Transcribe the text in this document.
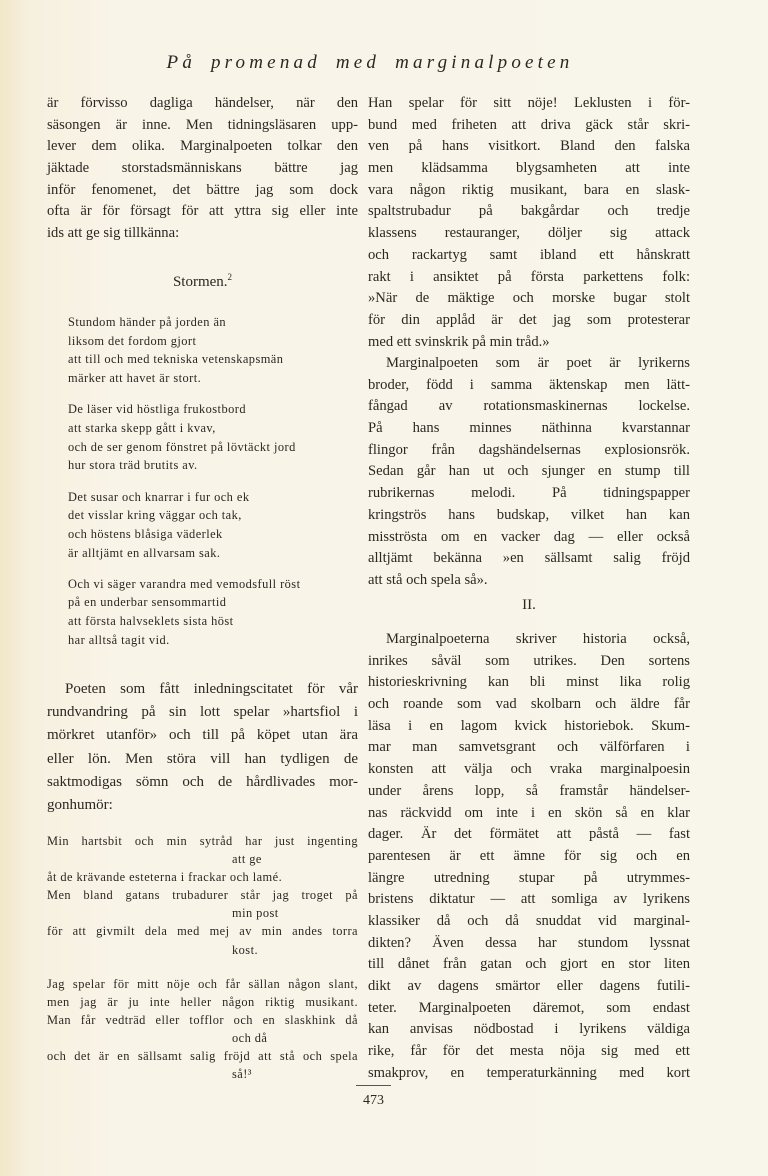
På promenad med marginalpoeten
är förvisso dagliga händelser, när den
säsongen är inne. Men tidningsläsaren upp-
lever dem olika. Marginalpoeten tolkar den
jäktade storstadsmänniskans bättre jag
inför fenomenet, det bättre jag som dock
ofta är för försagt för att yttra sig eller inte
ids att ge sig tillkänna:
Stormen.$^2$
Stundom händer på jorden än
liksom det fordom gjort
att till och med tekniska vetenskapsmän
märker att havet är stort.
De läser vid höstliga frukostbord
att starka skepp gått i kvav,
och de ser genom fönstret på lövtäckt jord
hur stora träd brutits av.
Det susar och knarrar i fur och ek
det visslar kring väggar och tak,
och höstens blåsiga väderlek
är alltjämt en allvarsam sak.
Och vi säger varandra med vemodsfull röst
på en underbar sensommartid
att första halvseklets sista höst
har alltså tagit vid.
Poeten som fått inledningscitatet för vår
rundvandring på sin lott spelar »hartsfiol i
mörkret utanför» och till på köpet utan ära
eller lön. Men störa vill han tydligen de
saktmodigas sömn och de hårdlivades mor-
gonhumör:
Min hartsbit och min sytråd har just ingenting
att ge
åt de krävande esteterna i frackar och lamé.
Men bland gatans trubadurer står jag troget på
min post
för att givmilt dela med mej av min andes torra
kost.
Jag spelar för mitt nöje och får sällan någon slant,
men jag är ju inte heller någon riktig musikant.
Man får vedträd eller tofflor och en slaskhink då
och då
och det är en sällsamt salig fröjd att stå och spela
så!³
Han spelar för sitt nöje! Leklusten i för-
bund med friheten att driva gäck står skri-
ven på hans visitkort. Bland den falska
men klädsamma blygsamheten att inte
vara någon riktig musikant, bara en slask-
spaltstrubadur på bakgårdar och tredje
klassens restauranger, döljer sig attack
och rackartyg samt ibland ett hånskratt
rakt i ansiktet på första parkettens folk:
»När de mäktige och morske bugar stolt
för din applåd är det jag som protesterar
med ett svinskrik på min tråd.»
Marginalpoeten som är poet är lyrikerns
broder, född i samma äktenskap men lätt-
fångad av rotationsmaskinernas lockelse.
På hans minnes näthinna kvarstannar
flingor från dagshändelsernas explosionsrök.
Sedan går han ut och sjunger en stump till
rubrikernas melodi. På tidningspapper
kringströs hans budskap, vilket han kan
misströsta om en vacker dag — eller också
alltjämt bekänna »en sällsamt salig fröjd
att stå och spela så».
II.
Marginalpoeterna skriver historia också,
inrikes såväl som utrikes. Den sortens
historieskrivning kan bli minst lika rolig
och roande som vad skolbarn och äldre får
läsa i en lagom kvick historiebok. Skum-
mar man samvetsgrant och välförfaren i
konsten att välja och vraka marginalpoesin
under årens lopp, så framstår händelser-
nas räckvidd om inte i en skön så en klar
dager. Är det förmätet att påstå — fast
parentesen är ett ämne för sig och en
längre utredning stupar på utrymmes-
bristens diktatur — att somliga av lyrikens
klassiker då och då snuddat vid marginal-
dikten? Även dessa har stundom lyssnat
till dånet från gatan och gjort en stor liten
dikt av dagens smärtor eller dagens futili-
teter. Marginalpoeten däremot, som endast
kan anvisas nödbostad i lyrikens väldiga
rike, får för det mesta nöja sig med ett
smakprov, en temperaturkänning med kort
473
